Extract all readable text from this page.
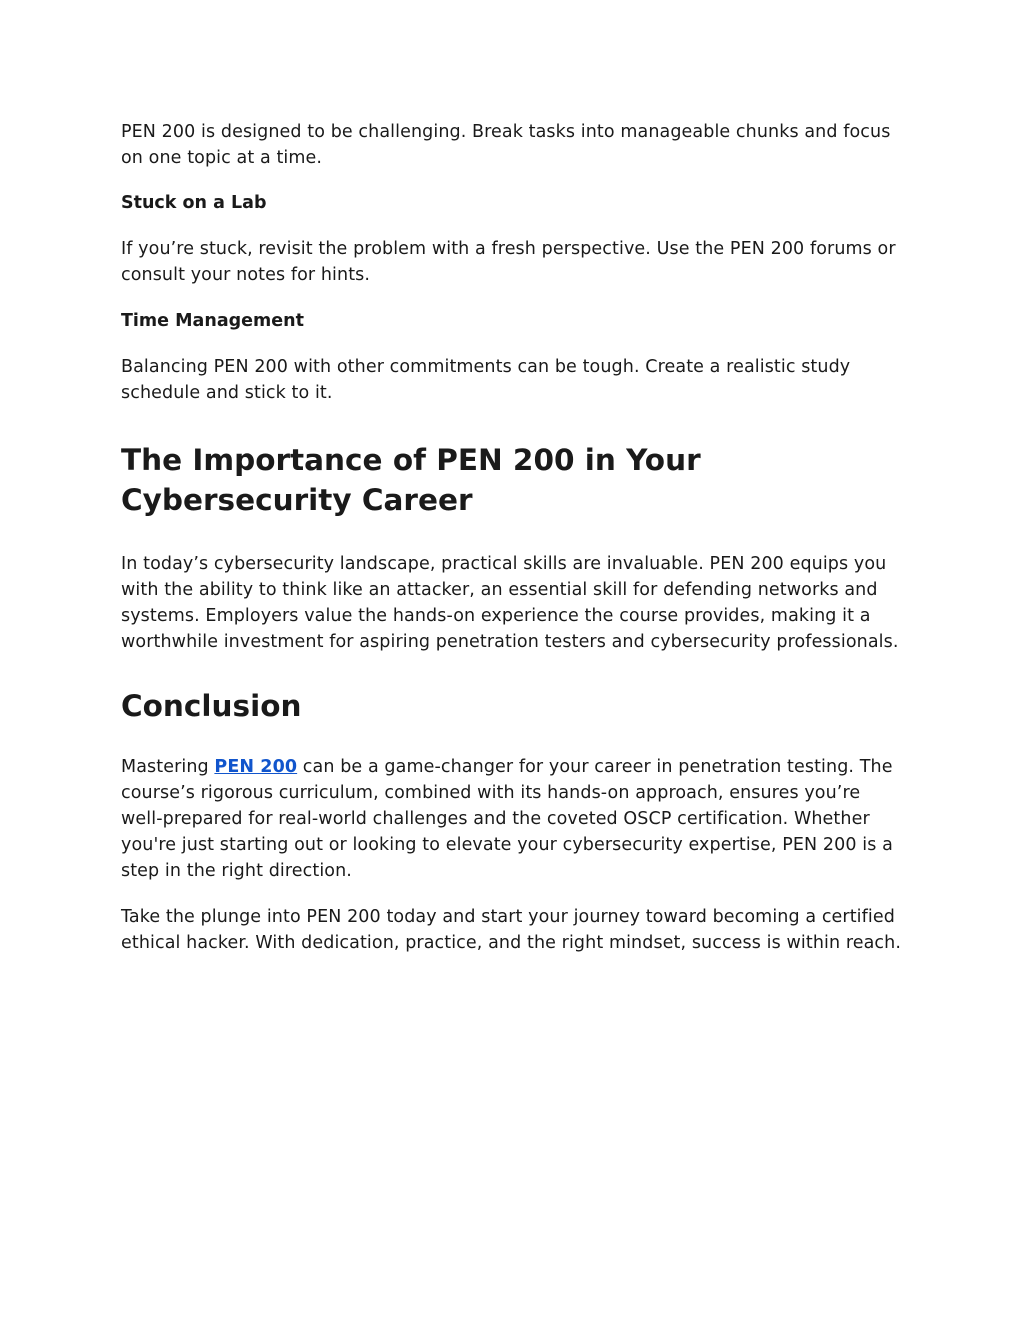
PEN 200 is designed to be challenging. Break tasks into manageable chunks and focus on one topic at a time.

Stuck on a Lab

If you’re stuck, revisit the problem with a fresh perspective. Use the PEN 200 forums or consult your notes for hints.

Time Management

Balancing PEN 200 with other commitments can be tough. Create a realistic study schedule and stick to it.

The Importance of PEN 200 in Your Cybersecurity Career

In today’s cybersecurity landscape, practical skills are invaluable. PEN 200 equips you with the ability to think like an attacker, an essential skill for defending networks and systems. Employers value the hands-on experience the course provides, making it a worthwhile investment for aspiring penetration testers and cybersecurity professionals.

Conclusion

Mastering PEN 200 can be a game-changer for your career in penetration testing. The course’s rigorous curriculum, combined with its hands-on approach, ensures you’re well-prepared for real-world challenges and the coveted OSCP certification. Whether you're just starting out or looking to elevate your cybersecurity expertise, PEN 200 is a step in the right direction.

Take the plunge into PEN 200 today and start your journey toward becoming a certified ethical hacker. With dedication, practice, and the right mindset, success is within reach.
